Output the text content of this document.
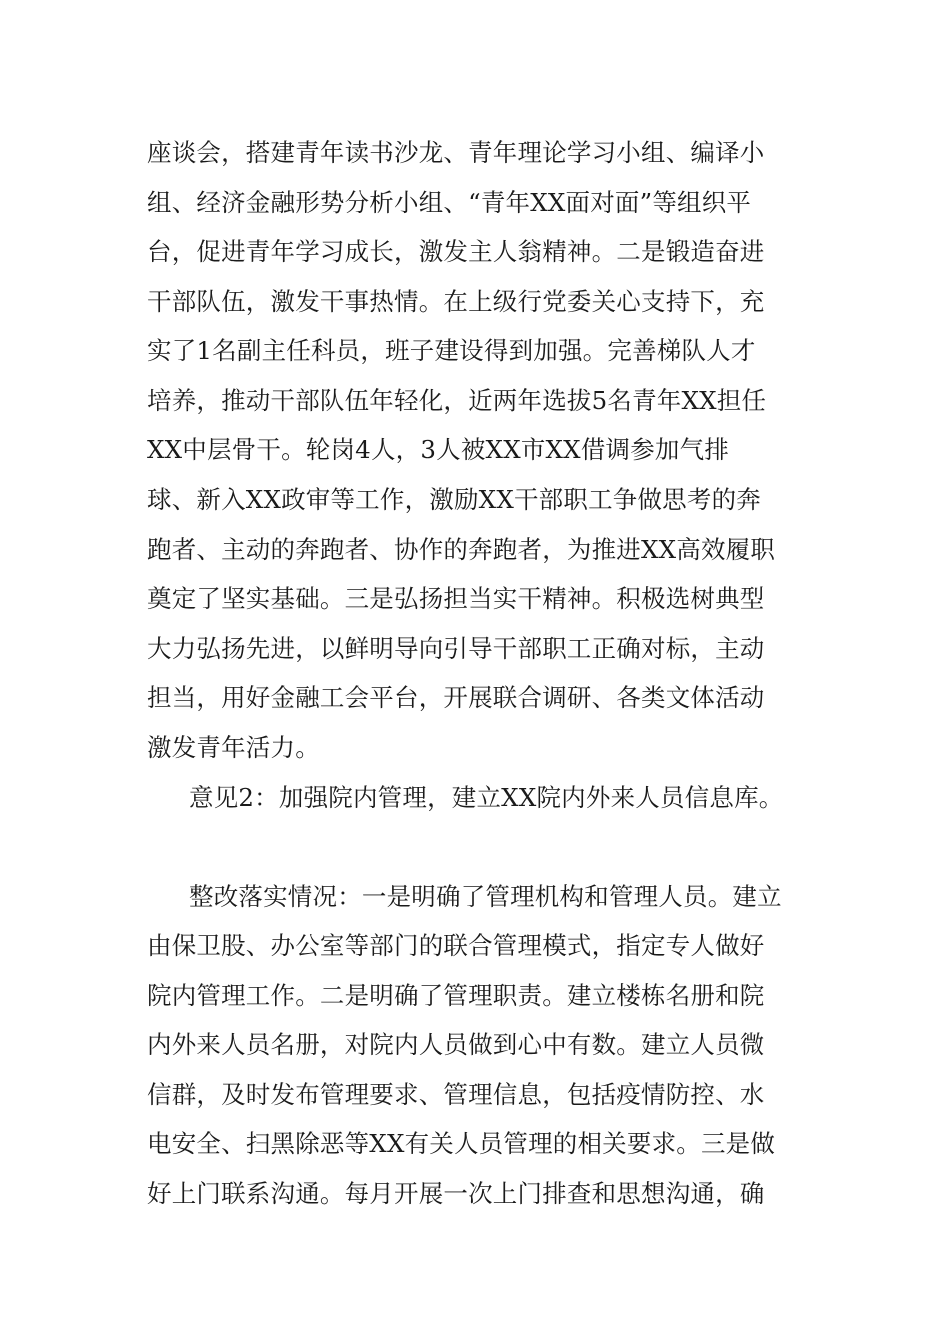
座谈会，搭建青年读书沙龙、青年理论学习小组、编译小
组、经济金融形势分析小组、“青年XX面对面”等组织平
台，促进青年学习成长，激发主人翁精神。二是锻造奋进
干部队伍，激发干事热情。在上级行党委关心支持下，充
实了1名副主任科员，班子建设得到加强。完善梯队人才
培养，推动干部队伍年轻化，近两年选拔5名青年XX担任
XX中层骨干。轮岗4人，3人被XX市XX借调参加气排
球、新入XX政审等工作，激励XX干部职工争做思考的奔
跑者、主动的奔跑者、协作的奔跑者，为推进XX高效履职
奠定了坚实基础。三是弘扬担当实干精神。积极选树典型
大力弘扬先进，以鲜明导向引导干部职工正确对标，主动
担当，用好金融工会平台，开展联合调研、各类文体活动
激发青年活力。
意见2：加强院内管理，建立XX院内外来人员信息库。
整改落实情况：一是明确了管理机构和管理人员。建立
由保卫股、办公室等部门的联合管理模式，指定专人做好
院内管理工作。二是明确了管理职责。建立楼栋名册和院
内外来人员名册，对院内人员做到心中有数。建立人员微
信群，及时发布管理要求、管理信息，包括疫情防控、水
电安全、扫黑除恶等XX有关人员管理的相关要求。三是做
好上门联系沟通。每月开展一次上门排查和思想沟通，确
